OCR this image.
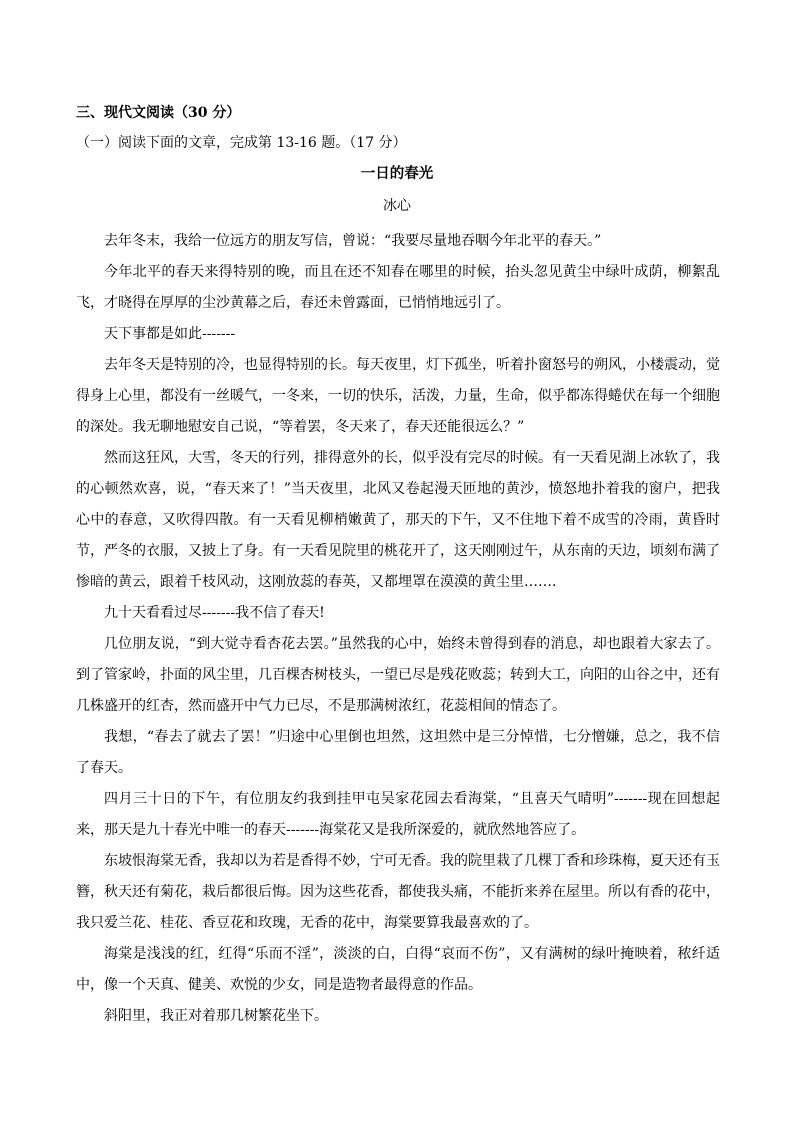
三、现代文阅读（30 分）
（一）阅读下面的文章，完成第 13-16 题。（17 分）
一日的春光
冰心

去年冬末，我给一位远方的朋友写信，曾说：“我要尽量地吞咽今年北平的春天。”

今年北平的春天来得特别的晚，而且在还不知春在哪里的时候，抬头忽见黄尘中绿叶成荫，柳絮乱飞，才晓得在厚厚的尘沙黄幕之后，春还未曾露面，已悄悄地远引了。

天下事都是如此-------

去年冬天是特别的冷，也显得特别的长。每天夜里，灯下孤坐，听着扑窗怒号的朔风，小楼震动，觉得身上心里，都没有一丝暖气，一冬来，一切的快乐，活泼，力量，生命，似乎都冻得蜷伏在每一个细胞的深处。我无聊地慰安自己说，“等着罢，冬天来了，春天还能很远么？”

然而这狂风，大雪，冬天的行列，排得意外的长，似乎没有完尽的时候。有一天看见湖上冰软了，我的心顿然欢喜，说，“春天来了！”当天夜里，北风又卷起漫天匝地的黄沙，愤怒地扑着我的窗户，把我心中的春意，又吹得四散。有一天看见柳梢嫩黄了，那天的下午，又不住地下着不成雪的冷雨，黄昏时节，严冬的衣服，又披上了身。有一天看见院里的桃花开了，这天刚刚过午，从东南的天边，顷刻布满了惨暗的黄云，跟着千枝风动，这刚放蕊的春英，又都埋罩在漠漠的黄尘里…….

九十天看看过尽-------我不信了春天!

几位朋友说，“到大觉寺看杏花去罢。”虽然我的心中，始终未曾得到春的消息，却也跟着大家去了。到了管家岭，扑面的风尘里，几百棵杏树枝头，一望已尽是残花败蕊；转到大工，向阳的山谷之中，还有几株盛开的红杏，然而盛开中气力已尽，不是那满树浓红，花蕊相间的情态了。

我想，“春去了就去了罢！”归途中心里倒也坦然，这坦然中是三分悼惜，七分憎嫌，总之，我不信了春天。

四月三十日的下午，有位朋友约我到挂甲屯吴家花园去看海棠，“且喜天气晴明”-------现在回想起来，那天是九十春光中唯一的春天-------海棠花又是我所深爱的，就欣然地答应了。

东坡恨海棠无香，我却以为若是香得不妙，宁可无香。我的院里栽了几棵丁香和珍珠梅，夏天还有玉簪，秋天还有菊花，栽后都很后悔。因为这些花香，都使我头痛，不能折来养在屋里。所以有香的花中，我只爱兰花、桂花、香豆花和玫瑰，无香的花中，海棠要算我最喜欢的了。

海棠是浅浅的红，红得“乐而不淫”，淡淡的白，白得“哀而不伤”，又有满树的绿叶掩映着，秾纤适中，像一个天真、健美、欢悦的少女，同是造物者最得意的作品。

斜阳里，我正对着那几树繁花坐下。
